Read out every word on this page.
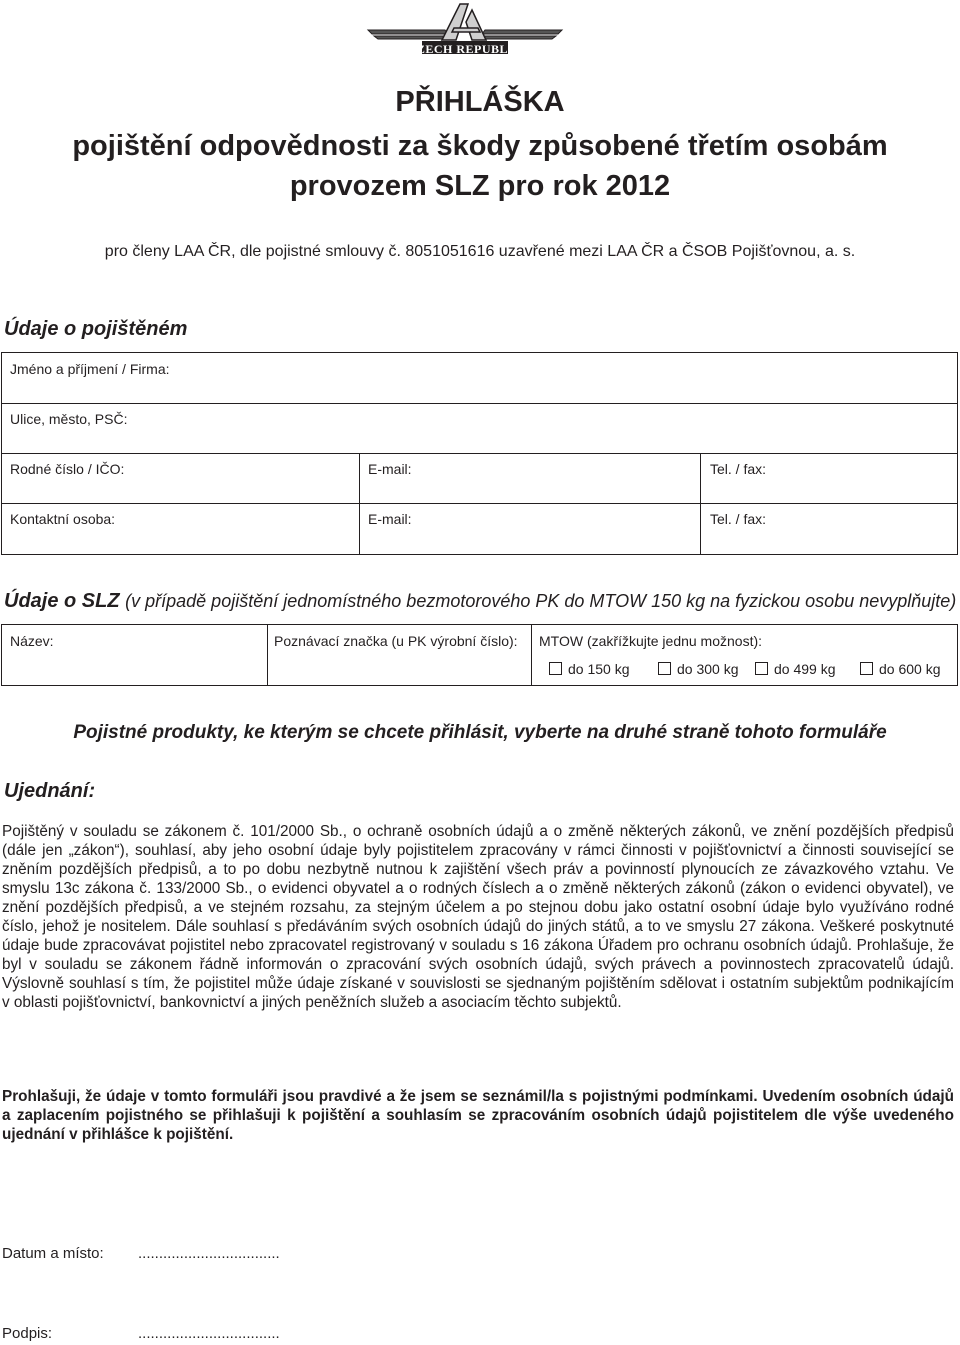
CZECH REPUBLIC
PŘIHLÁŠKA
pojištění odpovědnosti za škody způsobené třetím osobám
provozem SLZ pro rok 2012
pro členy LAA ČR, dle pojistné smlouvy č. 8051051616 uzavřené mezi LAA ČR a ČSOB Pojišťovnou, a. s.
Údaje o pojištěném
Jméno a příjmení / Firma:
Ulice, město, PSČ:
Rodné číslo / IČO:	E-mail:	Tel. / fax:
Kontaktní osoba:	E-mail:	Tel. / fax:
Údaje o SLZ (v případě pojištění jednomístného bezmotorového PK do MTOW 150 kg na fyzickou osobu nevyplňujte)
Název:	Poznávací značka (u PK výrobní číslo): MTOW (zakřížkujte jednu možnost):
do 150 kg	do 300 kg	do 499 kg	do 600 kg
Pojistné produkty, ke kterým se chcete přihlásit, vyberte na druhé straně tohoto formuláře
Ujednání:
Pojištěný v souladu se zákonem č. 101/2000 Sb., o ochraně osobních údajů a o změně některých zákonů, ve znění pozdějších předpisů (dále jen „zákon“), souhlasí, aby jeho osobní údaje byly pojistitelem zpracovány v rámci činnosti v pojišťovnictví a činnosti související se zněním pozdějších předpisů, a to po dobu nezbytně nutnou k zajištění všech práv a povinností plynoucích ze závazkového vztahu. Ve smyslu 13c zákona č. 133/2000 Sb., o evidenci obyvatel a o rodných číslech a o změně některých zákonů (zákon o evidenci obyvatel), ve znění pozdějších předpisů, a ve stejném rozsahu, za stejným účelem a po stejnou dobu jako ostatní osobní údaje bylo využíváno rodné číslo, jehož je nositelem. Dále souhlasí s předáváním svých osobních údajů do jiných států, a to ve smyslu 27 zákona. Veškeré poskytnuté údaje bude zpracovávat pojistitel nebo zpracovatel registrovaný v souladu s 16 zákona Úřadem pro ochranu osobních údajů. Prohlašuje, že byl v souladu se zákonem řádně informován o zpracování svých osobních údajů, svých právech a povinnostech zpracovatelů údajů. Výslovně souhlasí s tím, že pojistitel může údaje získané v souvislosti se sjednaným pojištěním sdělovat i ostatním subjektům podnikajícím v oblasti pojišťovnictví, bankovnictví a jiných peněžních služeb a asociacím těchto subjektů.
Prohlašuji, že údaje v tomto formuláři jsou pravdivé a že jsem se seznámil/la s pojistnými podmínkami. Uvedením osobních údajů a zaplacením pojistného se přihlašuji k pojištění a souhlasím se zpracováním osobních údajů pojistitelem dle výše uvedeného ujednání v přihlášce k pojištění.
Datum a místo: ..................................
Podpis:	..................................
